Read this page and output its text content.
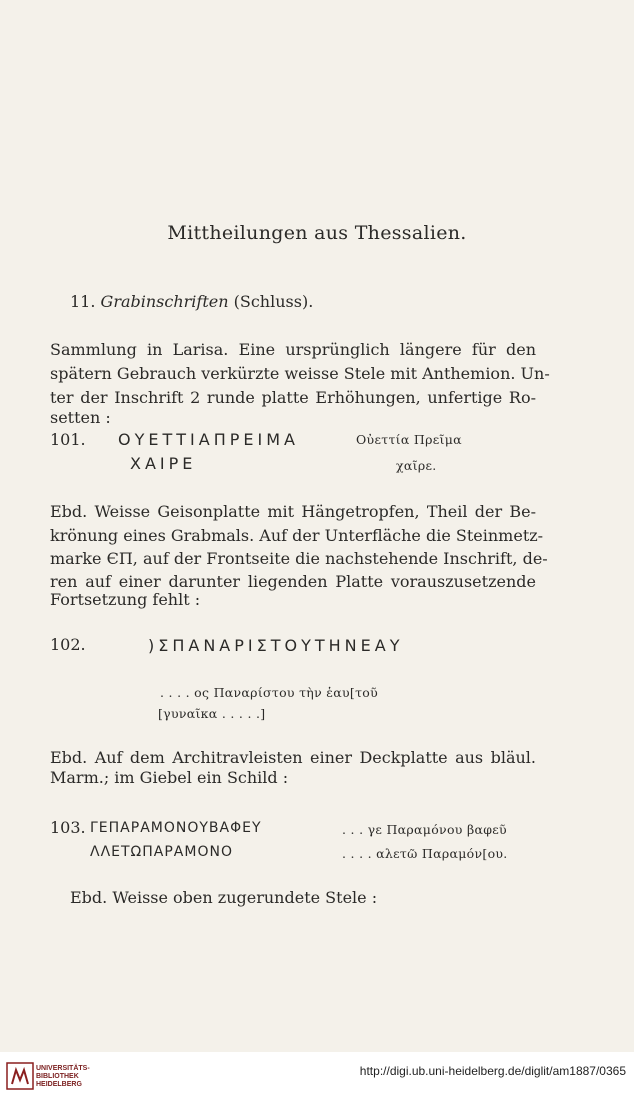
Mittheilungen aus Thessalien.
11. Grabinschriften (Schluss).
Sammlung in Larisa. Eine ursprünglich längere für den
spätern Gebrauch verkürzte weisse Stele mit Anthemion. Un-
ter der Inschrift 2 runde platte Erhöhungen, unfertige Ro-
setten :
101. ΟΥΕΤΤΙΑΠΡΕΙΜΑ
ΧΑΙΡΕ
Οὐεττία Πρεῖμα
χαῖρε.
Ebd. Weisse Geisonplatte mit Hängetropfen, Theil der Be-
krönung eines Grabmals. Auf der Unterfläche die Steinmetz-
marke ЄΠ, auf der Frontseite die nachstehende Inschrift, de-
ren auf einer darunter liegenden Platte vorauszusetzende
Fortsetzung fehlt :
102.	)ΣΠΑΝΑΡΙΣΤΟΥΤΗΝΕΑΥ
. . . . ος Παναρίστου τὴν ἑαυ[τοῦ
[γυναῖκα . . . . .]
Ebd. Auf dem Architravleisten einer Deckplatte aus bläul.
Marm.; im Giebel ein Schild :
103. ΓΕΠΑΡΑΜΟΝΟΥΒΑΦΕΥ
ΛΛΕΤΩΠΑΡΑΜΟΝΟ
. . . γε Παραμόνου βαφεῦ
. . . . αλετῶ Παραμόν[ου.
Ebd. Weisse oben zugerundete Stele :
UNIVERSITÄTS-
BIBLIOTHEK
HEIDELBERG
http://digi.ub.uni-heidelberg.de/diglit/am1887/0365
